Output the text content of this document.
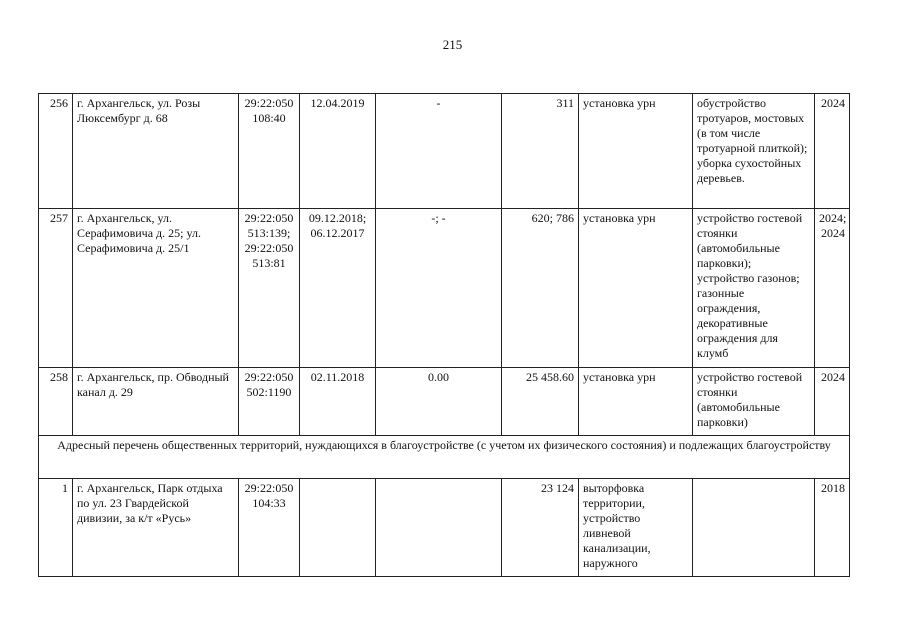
215
256	г. Архангельск, ул. Розы Люксембург д. 68	29:22:050 108:40	12.04.2019	-	311	установка урн	обустройство тротуаров, мостовых (в том числе тротуарной плиткой); уборка сухостойных деревьев.	2024
257	г. Архангельск, ул. Серафимовича д. 25; ул. Серафимовича д. 25/1	29:22:050 513:139; 29:22:050 513:81	09.12.2018; 06.12.2017	-; -	620; 786	установка урн	устройство гостевой стоянки (автомобильные парковки); устройство газонов; газонные ограждения, декоративные ограждения для клумб	2024; 2024
258	г. Архангельск, пр. Обводный канал д. 29	29:22:050 502:1190	02.11.2018	0.00	25 458.60	установка урн	устройство гостевой стоянки (автомобильные парковки)	2024
Адресный перечень общественных территорий, нуждающихся в благоустройстве (с учетом их физического состояния) и подлежащих благоустройству								
1	г. Архангельск, Парк отдыха по ул. 23 Гвардейской дивизии, за к/т «Русь»	29:22:050 104:33			23 124	выторфовка территории, устройство ливневой канализации, наружного		2018
